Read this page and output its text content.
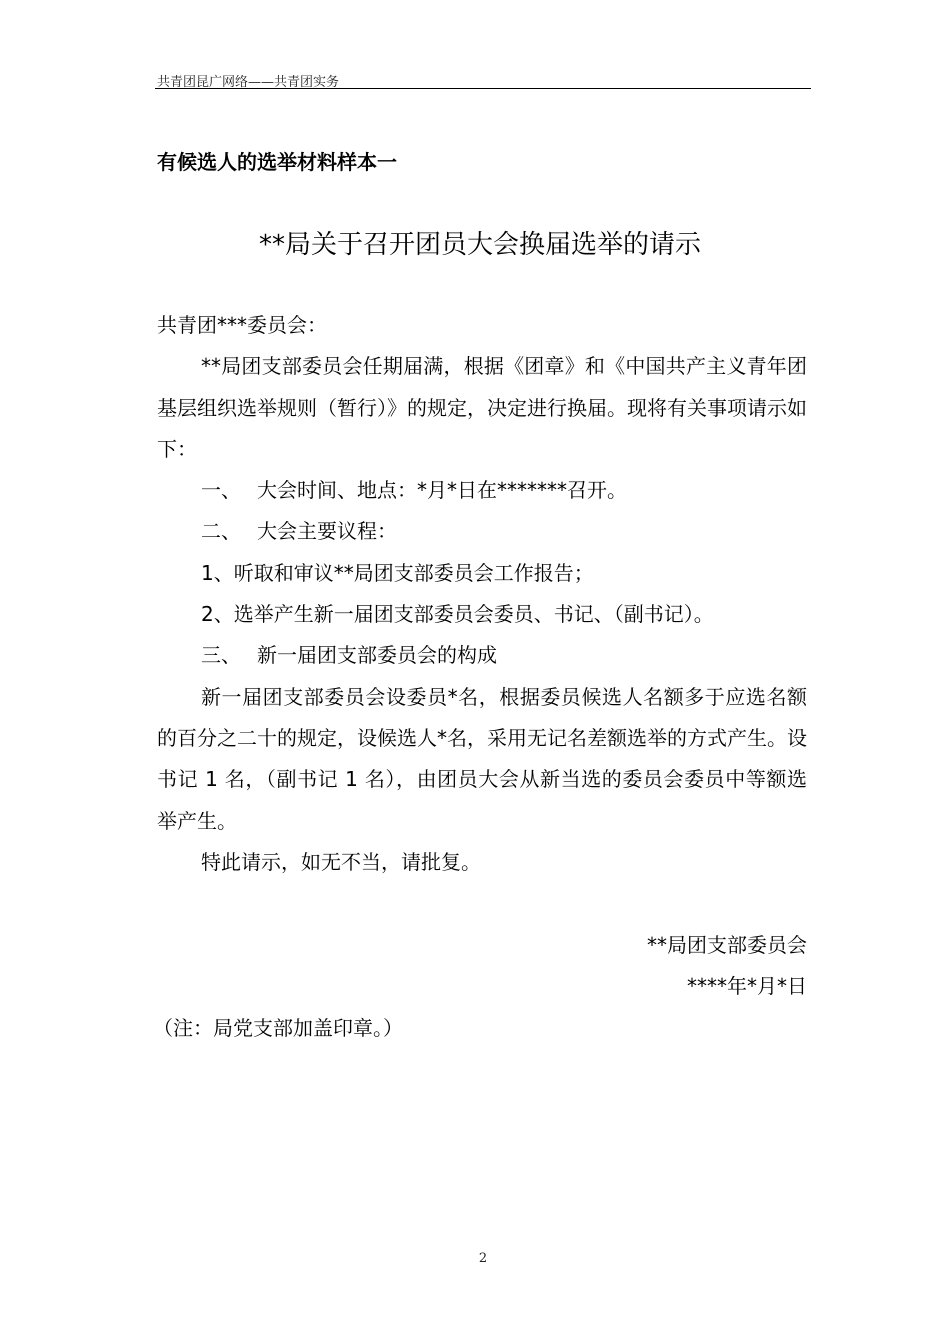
共青团昆广网络——共青团实务
有候选人的选举材料样本一
**局关于召开团员大会换届选举的请示

共青团***委员会：

**局团支部委员会任期届满，根据《团章》和《中国共产主义青年团基层组织选举规则（暂行）》的规定，决定进行换届。现将有关事项请示如下：

一、 大会时间、地点：*月*日在*******召开。

二、 大会主要议程：

1、听取和审议**局团支部委员会工作报告；

2、选举产生新一届团支部委员会委员、书记、（副书记）。

三、 新一届团支部委员会的构成

新一届团支部委员会设委员*名，根据委员候选人名额多于应选名额的百分之二十的规定，设候选人*名，采用无记名差额选举的方式产生。设书记 1 名，（副书记 1 名），由团员大会从新当选的委员会委员中等额选举产生。

特此请示，如无不当，请批复。

**局团支部委员会

****年*月*日

（注：局党支部加盖印章。）

2
